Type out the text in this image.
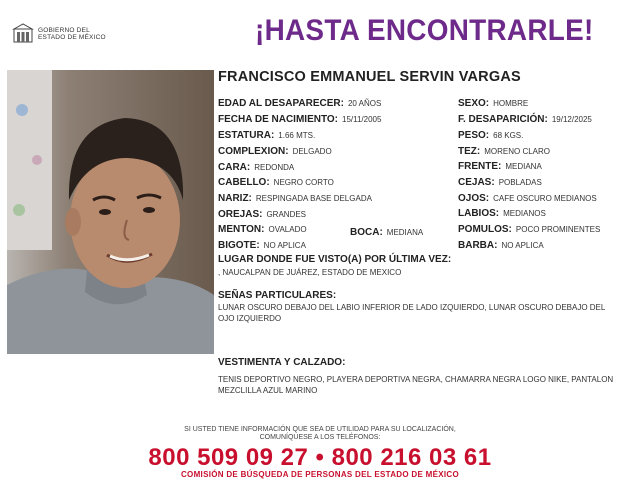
GOBIERNO DEL
ESTADO DE MÉXICO	¡HASTA ENCONTRARLE!
FRANCISCO EMMANUEL SERVIN VARGAS
EDAD AL DESAPARECER: 20 AÑOS
FECHA DE NACIMIENTO: 15/11/2005
ESTATURA: 1.66 MTS.
COMPLEXION: DELGADO
CARA: REDONDA
CABELLO: NEGRO CORTO
NARIZ: RESPINGADA BASE DELGADA
OREJAS: GRANDES
MENTON: OVALADO	BOCA: MEDIANA
BIGOTE: NO APLICA
SEXO: HOMBRE
F. DESAPARICIÓN: 19/12/2025
PESO: 68 KGS.
TEZ: MORENO CLARO
FRENTE: MEDIANA
CEJAS: POBLADAS
OJOS: CAFE OSCURO MEDIANOS
LABIOS: MEDIANOS
POMULOS: POCO PROMINENTES
BARBA: NO APLICA
LUGAR DONDE FUE VISTO(A) POR ÚLTIMA VEZ:
, NAUCALPAN DE JUÁREZ, ESTADO DE MEXICO
SEÑAS PARTICULARES:
LUNAR OSCURO DEBAJO DEL LABIO INFERIOR DE LADO IZQUIERDO, LUNAR OSCURO DEBAJO DEL OJO IZQUIERDO
VESTIMENTA Y CALZADO:
TENIS DEPORTIVO NEGRO, PLAYERA DEPORTIVA NEGRA, CHAMARRA NEGRA LOGO NIKE, PANTALON MEZCLILLA AZUL MARINO
SI USTED TIENE INFORMACIÓN QUE SEA DE UTILIDAD PARA SU LOCALIZACIÓN,
COMUNÍQUESE A LOS TELÉFONOS:
800 509 09 27 • 800 216 03 61
COMISIÓN DE BÚSQUEDA DE PERSONAS DEL ESTADO DE MÉXICO
